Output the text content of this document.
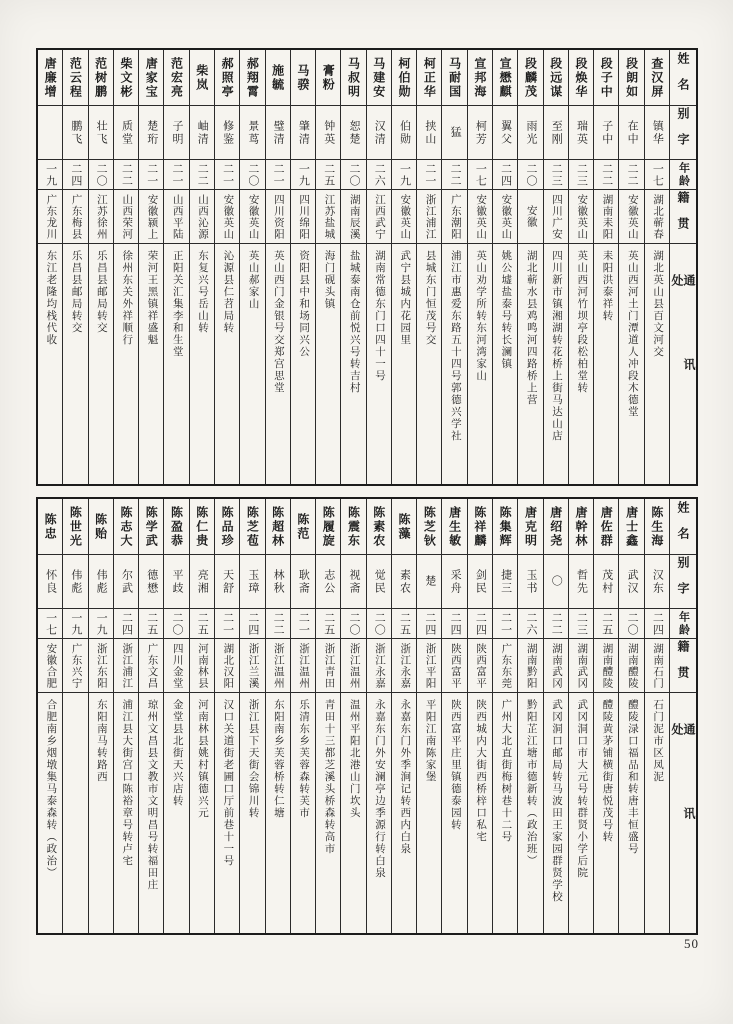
姓名
别字
年龄
籍贯
通讯处
查汉屏
镇华
一七
湖北蕲春
湖北英山县百文河交
段朗如
在中
二二
安徽英山
英山西河土门潭道人冲段木德堂
段子中
子中
二二
湖南耒阳
耒阳洪泰祥转
段焕华
瑞英
二三
安徽英山
英山西河竹坝亭段松柏堂转
段远谋
至刚
二三
四川广安
四川新市镇湘湖转花桥上街马达山店
段麟茂
雨光
二〇
安徽
湖北蕲水县鸡鸣河四路桥上营
宣懋麒
翼父
二四
安徽英山
姚公墟盐泰号转长澜镇
宣邦海
柯芳
一七
安徽英山
英山劝学所转东河湾家山
马耐国
猛
二二
广东潮阳
浦江市惠爱东路五十四号郭德兴学社
柯正华
挟山
二一
浙江浦江
县城东门恒茂号交
柯伯勋
伯勋
一九
安徽英山
武宁县城内花园里
马建安
汉清
二六
江西武宁
湖南常德东门口四十一号
马叔明
恕楚
二〇
湖南辰溪
盐城泰南仓前悦兴号转吉村
膏粉
钟英
二五
江苏盐城
海门砚头镇
马骙
肇清
一九
四川绵阳
资阳县中和场同兴公
施毓
璧清
二一
四川资阳
英山西门金银号交郑宫思堂
郝翔霄
景茑
二〇
安徽英山
英山郝家山
郝照亭
修鉴
二一
安徽英山
沁源县仁苕局转
柴岚
岫清
二二
山西沁源
东复兴号岳山转
范宏亮
子明
二一
山西平陆
正阳关汇集李和生堂
唐家宝
楚珩
二一
安徽颍上
荣河王黑镇祥盛魁
柴文彬
质堂
二二
山西荣河
徐州东关外祥顺行
范树鹏
壮飞
二〇
江苏徐州
乐昌县邮局转交
范云程
鹏飞
二四
广东梅县
乐昌县邮局转交
唐廉增
一九
广东龙川
东江老隆均栈代收
姓名
别字
年龄
籍贯
通讯处
陈生海
汉东
二四
湖南石门
石门泥市区凤泥
唐士鑫
武汉
二〇
湖南醴陵
醴陵渌口福品和转唐丰恒盛号
唐佐群
茂村
二五
湖南醴陵
醴陵黄茅铺横街唐悦茂号转
唐幹林
哲先
二三
湖南武冈
武冈洞口市大元号转群贤小学后院
唐绍尧
〇
二二
湖南武冈
武冈洞口邮局转马波田王家园群贤学校
唐克明
玉书
二六
湖南黔阳
黔阳芷江塘市德新转（政治班）
陈集辉
捷三
二一
广东东莞
广州大北直街梅树巷十二号
陈祥麟
剑民
二四
陕西富平
陕西城内大街西桥梓口私宅
唐生敏
采舟
二四
陕西富平
陕西富平庄里镇德泰园转
陈芝钬
楚
二四
浙江平阳
平阳江南陈家堡
陈藻
素农
二五
浙江永嘉
永嘉东门外季涧记转西内白泉
陈素农
觉民
二〇
浙江永嘉
永嘉东门外安澜亭边季源行转白泉
陈震东
视斋
二〇
浙江温州
温州平阳北港山门坎头
陈履旋
志公
二五
浙江青田
青田十三都芝溪头桥森转高市
陈范
耿斋
二一
浙江温州
乐清东乡芙蓉森转芙市
陈超林
林秋
二二
浙江温州
东阳南乡芙蓉桥转仁塘
陈芝苞
玉璋
二四
浙江兰溪
浙江县下天街会锦川转
陈品珍
天舒
二一
湖北汉阳
汉口关道街老圃口厅前巷十一号
陈仁贵
亮湘
二五
河南林县
河南林县姚村镇德兴元
陈盈恭
平歧
二〇
四川金堂
金堂县北街天兴店转
陈学武
德懋
二五
广东文昌
琼州文昌县文教市文明昌号转福田庄
陈志大
尔武
二四
浙江浦江
浦江县大街宫口陈裕章号转卢宅
陈贻
伟彪
一九
浙江东阳
东阳南马转路西
陈世光
伟彪
一九
广东兴宁
陈忠
怀良
一七
安徽合肥
合肥南乡烟墩集马泰森转（政治）
50
